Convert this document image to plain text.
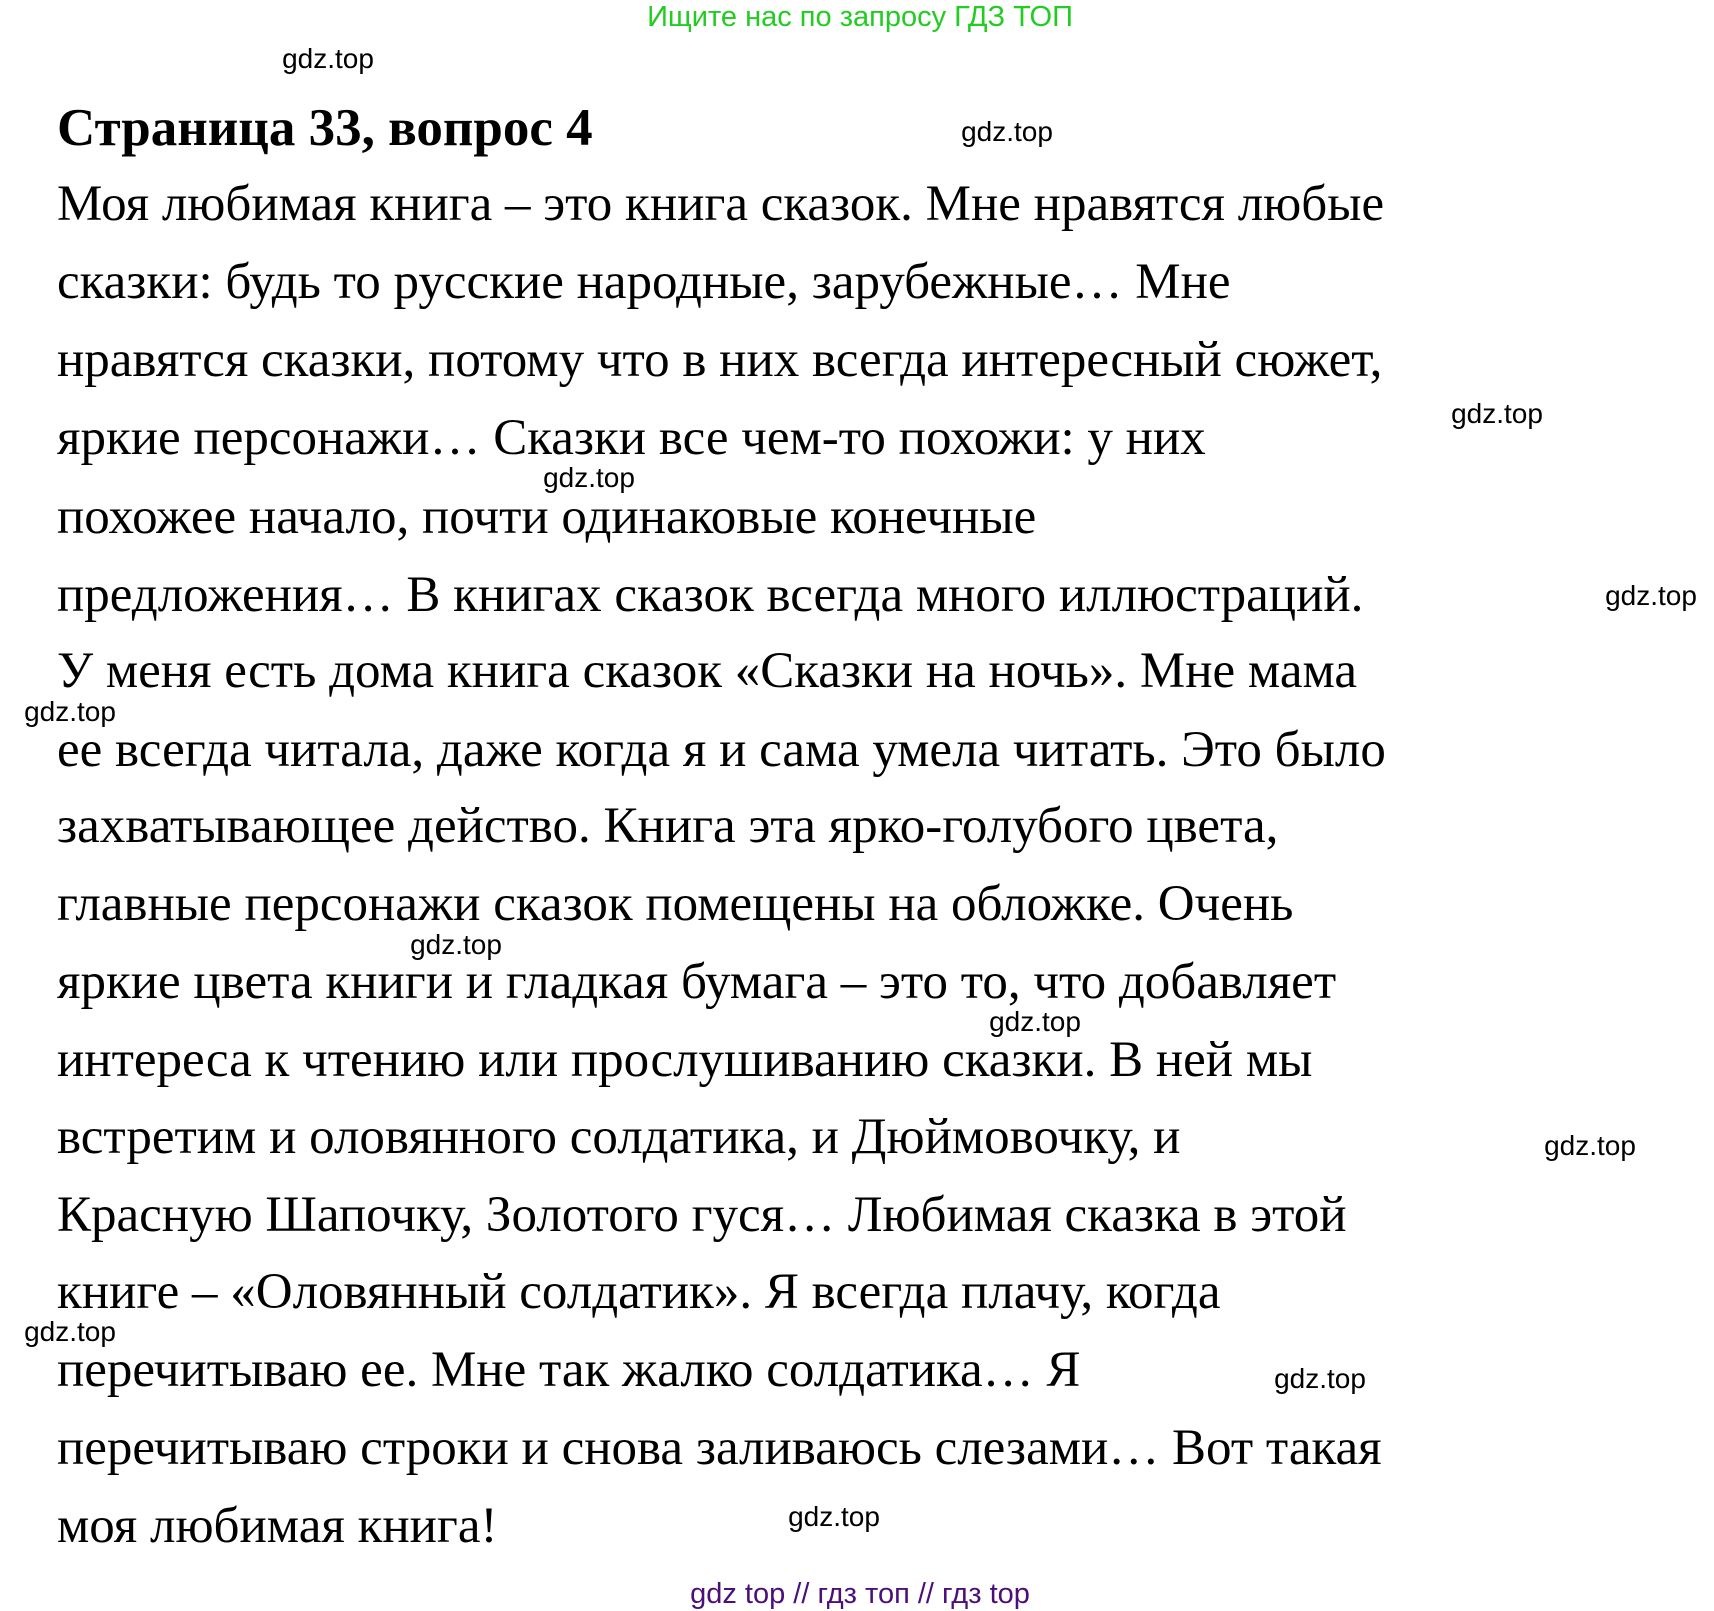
Ищите нас по запросу ГДЗ ТОП
Страница 33, вопрос 4
Моя любимая книга – это книга сказок. Мне нравятся любые
сказки: будь то русские народные, зарубежные… Мне
нравятся сказки, потому что в них всегда интересный сюжет,
яркие персонажи… Сказки все чем-то похожи: у них
похожее начало, почти одинаковые конечные
предложения… В книгах сказок всегда много иллюстраций.
У меня есть дома книга сказок «Сказки на ночь». Мне мама
ее всегда читала, даже когда я и сама умела читать. Это было
захватывающее действо. Книга эта ярко-голубого цвета,
главные персонажи сказок помещены на обложке. Очень
яркие цвета книги и гладкая бумага – это то, что добавляет
интереса к чтению или прослушиванию сказки. В ней мы
встретим и оловянного солдатика, и Дюймовочку, и
Красную Шапочку, Золотого гуся… Любимая сказка в этой
книге – «Оловянный солдатик». Я всегда плачу, когда
перечитываю ее. Мне так жалко солдатика… Я
перечитываю строки и снова заливаюсь слезами… Вот такая
моя любимая книга!
gdz.top
gdz.top
gdz.top
gdz.top
gdz.top
gdz.top
gdz.top
gdz.top
gdz.top
gdz.top
gdz.top
gdz.top
gdz top // гдз топ // гдз top
